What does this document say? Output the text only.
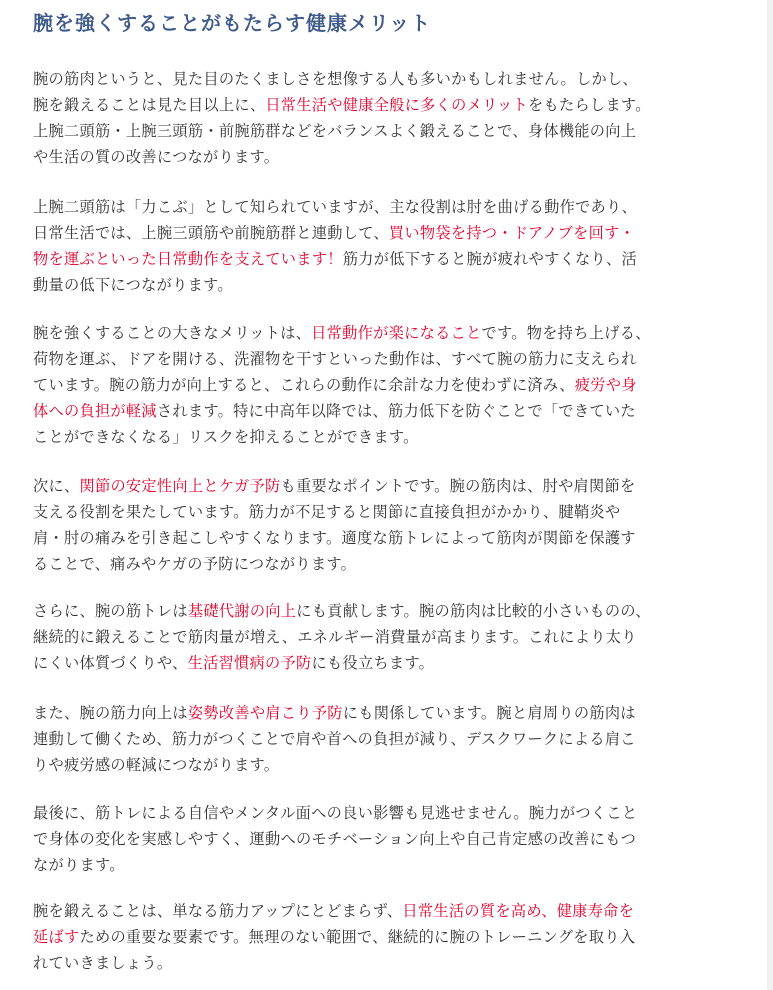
腕を強くすることがもたらす健康メリット

腕の筋肉というと、見た目のたくましさを想像する人も多いかもしれません。しかし、
腕を鍛えることは見た目以上に、日常生活や健康全般に多くのメリットをもたらします。
上腕二頭筋・上腕三頭筋・前腕筋群などをバランスよく鍛えることで、身体機能の向上
や生活の質の改善につながります。

上腕二頭筋は「力こぶ」として知られていますが、主な役割は肘を曲げる動作であり、
日常生活では、上腕三頭筋や前腕筋群と連動して、買い物袋を持つ・ドアノブを回す・
物を運ぶといった日常動作を支えています！筋力が低下すると腕が疲れやすくなり、活
動量の低下につながります。

腕を強くすることの大きなメリットは、日常動作が楽になることです。物を持ち上げる、
荷物を運ぶ、ドアを開ける、洗濯物を干すといった動作は、すべて腕の筋力に支えられ
ています。腕の筋力が向上すると、これらの動作に余計な力を使わずに済み、疲労や身
体への負担が軽減されます。特に中高年以降では、筋力低下を防ぐことで「できていた
ことができなくなる」リスクを抑えることができます。

次に、関節の安定性向上とケガ予防も重要なポイントです。腕の筋肉は、肘や肩関節を
支える役割を果たしています。筋力が不足すると関節に直接負担がかかり、腱鞘炎や
肩・肘の痛みを引き起こしやすくなります。適度な筋トレによって筋肉が関節を保護す
ることで、痛みやケガの予防につながります。

さらに、腕の筋トレは基礎代謝の向上にも貢献します。腕の筋肉は比較的小さいものの、
継続的に鍛えることで筋肉量が増え、エネルギー消費量が高まります。これにより太り
にくい体質づくりや、生活習慣病の予防にも役立ちます。

また、腕の筋力向上は姿勢改善や肩こり予防にも関係しています。腕と肩周りの筋肉は
連動して働くため、筋力がつくことで肩や首への負担が減り、デスクワークによる肩こ
りや疲労感の軽減につながります。

最後に、筋トレによる自信やメンタル面への良い影響も見逃せません。腕力がつくこと
で身体の変化を実感しやすく、運動へのモチベーション向上や自己肯定感の改善にもつ
ながります。

腕を鍛えることは、単なる筋力アップにとどまらず、日常生活の質を高め、健康寿命を
延ばすための重要な要素です。無理のない範囲で、継続的に腕のトレーニングを取り入
れていきましょう。
